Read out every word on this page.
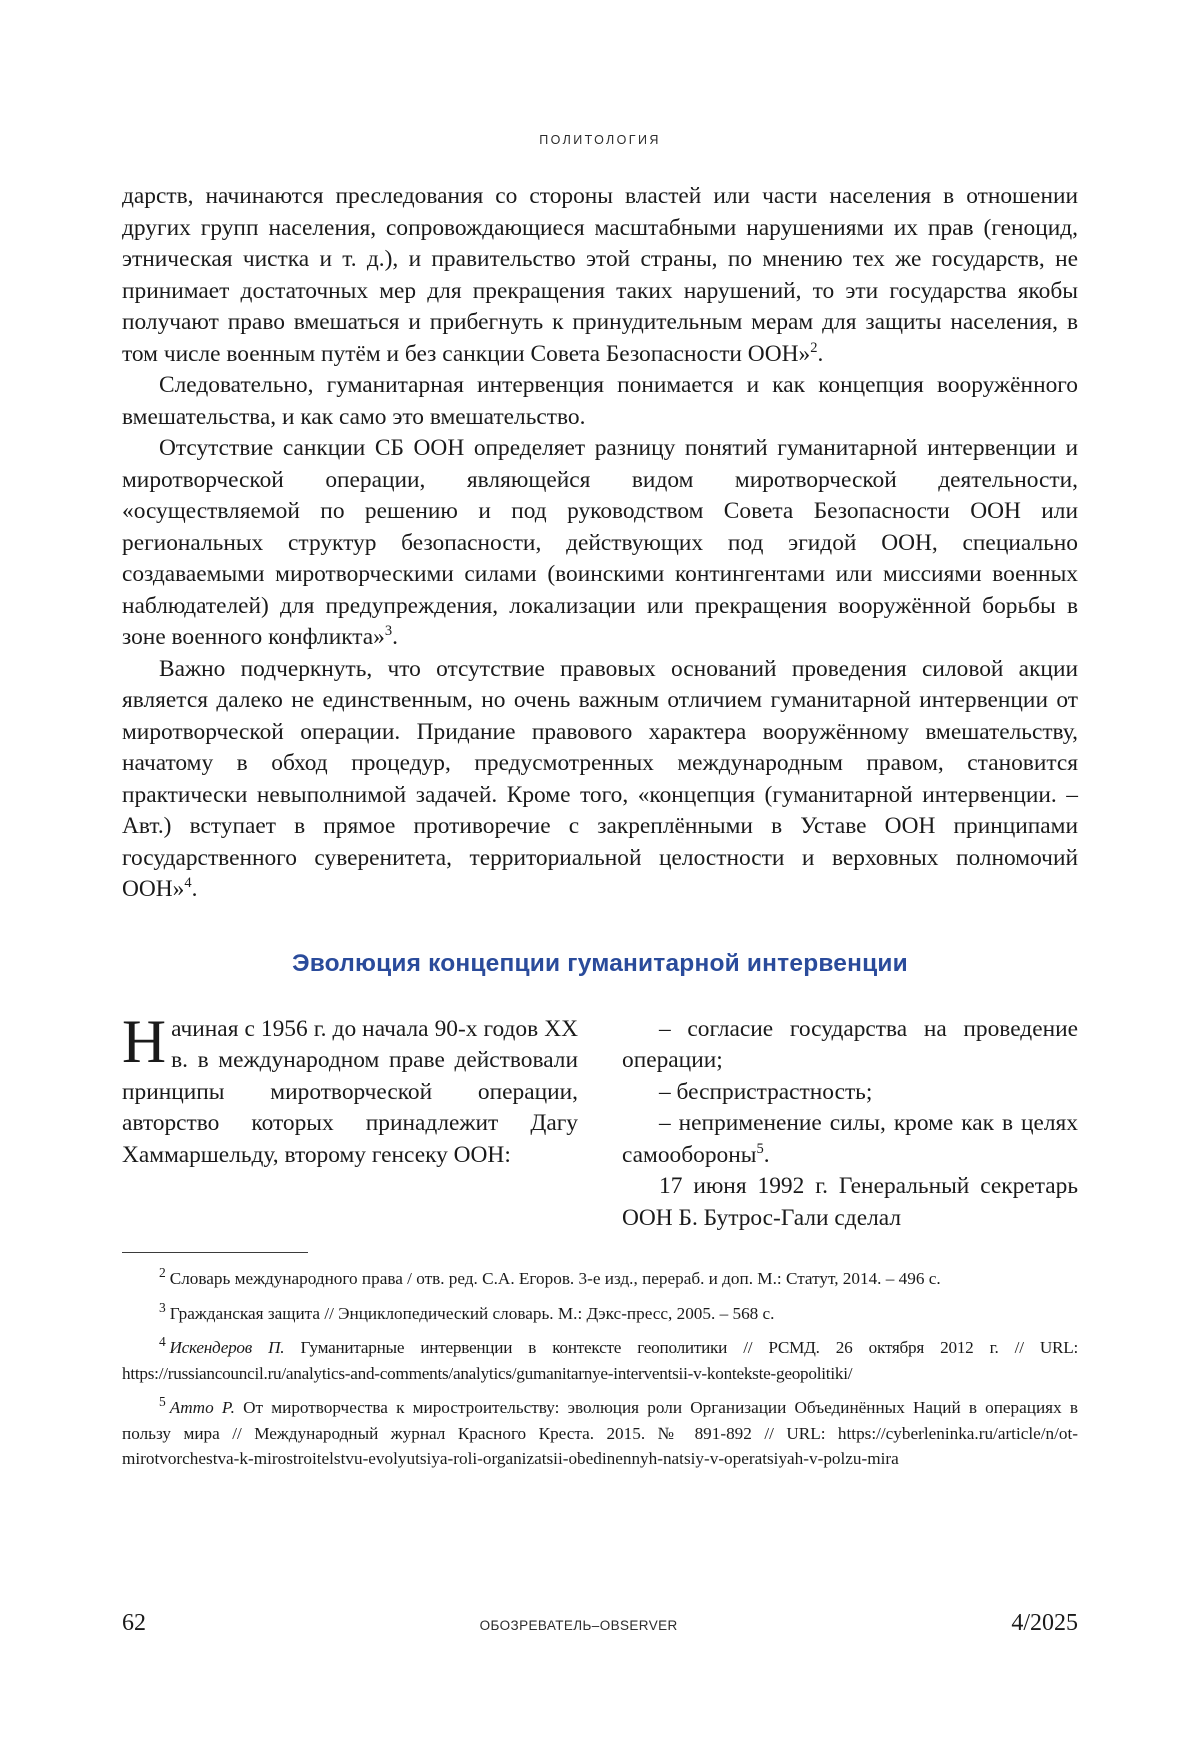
ПОЛИТОЛОГИЯ

дарств, начинаются преследования со стороны властей или части населения в отношении других групп населения, сопровождающиеся масштабными нарушениями их прав (геноцид, этническая чистка и т. д.), и правительство этой страны, по мнению тех же государств, не принимает достаточных мер для прекращения таких нарушений, то эти государства якобы получают право вмешаться и прибегнуть к принудительным мерам для защиты населения, в том числе военным путём и без санкции Совета Безопасности ООН»$^2$.

Следовательно, гуманитарная интервенция понимается и как концепция вооружённого вмешательства, и как само это вмешательство.

Отсутствие санкции СБ ООН определяет разницу понятий гуманитарной интервенции и миротворческой операции, являющейся видом миротворческой деятельности, «осуществляемой по решению и под руководством Совета Безопасности ООН или региональных структур безопасности, действующих под эгидой ООН, специально создаваемыми миротворческими силами (воинскими контингентами или миссиями военных наблюдателей) для предупреждения, локализации или прекращения вооружённой борьбы в зоне военного конфликта»$^3$.

Важно подчеркнуть, что отсутствие правовых оснований проведения силовой акции является далеко не единственным, но очень важным отличием гуманитарной интервенции от миротворческой операции. Придание правового характера вооружённому вмешательству, начатому в обход процедур, предусмотренных международным правом, становится практически невыполнимой задачей. Кроме того, «концепция (гуманитарной интервенции. – Авт.) вступает в прямое противоречие с закреплёнными в Уставе ООН принципами государственного суверенитета, территориальной целостности и верховных полномочий ООН»$^4$.

Эволюция концепции гуманитарной интервенции

Начиная с 1956 г. до начала 90-х годов XX в. в международном праве действовали принципы миротворческой операции, авторство которых принадлежит Дагу Хаммаршельду, второму генсеку ООН:

– согласие государства на проведение операции;

– беспристрастность;

– неприменение силы, кроме как в целях самообороны$^5$.

17 июня 1992 г. Генеральный секретарь ООН Б. Бутрос-Гали сделал

$^2$ Словарь международного права / отв. ред. С.А. Егоров. 3-е изд., перераб. и доп. М.: Статут, 2014. – 496 с.

$^3$ Гражданская защита // Энциклопедический словарь. М.: Дэкс-пресс, 2005. – 568 с.

$^4$ Искендеров П. Гуманитарные интервенции в контексте геополитики // РСМД. 26 октября 2012 г. // URL: https://russiancouncil.ru/analytics-and-comments/analytics/gumanitarnye-interventsii-v-kontekste-geopolitiki/

$^5$ Аттo Р. От миротворчества к миростроительству: эволюция роли Организации Объединённых Наций в операциях в пользу мира // Международный журнал Красного Креста. 2015. № 891-892 // URL: https://cyberleninka.ru/article/n/ot-mirotvorchestva-k-mirostroitelstvu-evolyutsiya-roli-organizatsii-obedinennyh-natsiy-v-operatsiyah-v-polzu-mira

62	ОБОЗРЕВАТЕЛЬ–OBSERVER	4/2025
